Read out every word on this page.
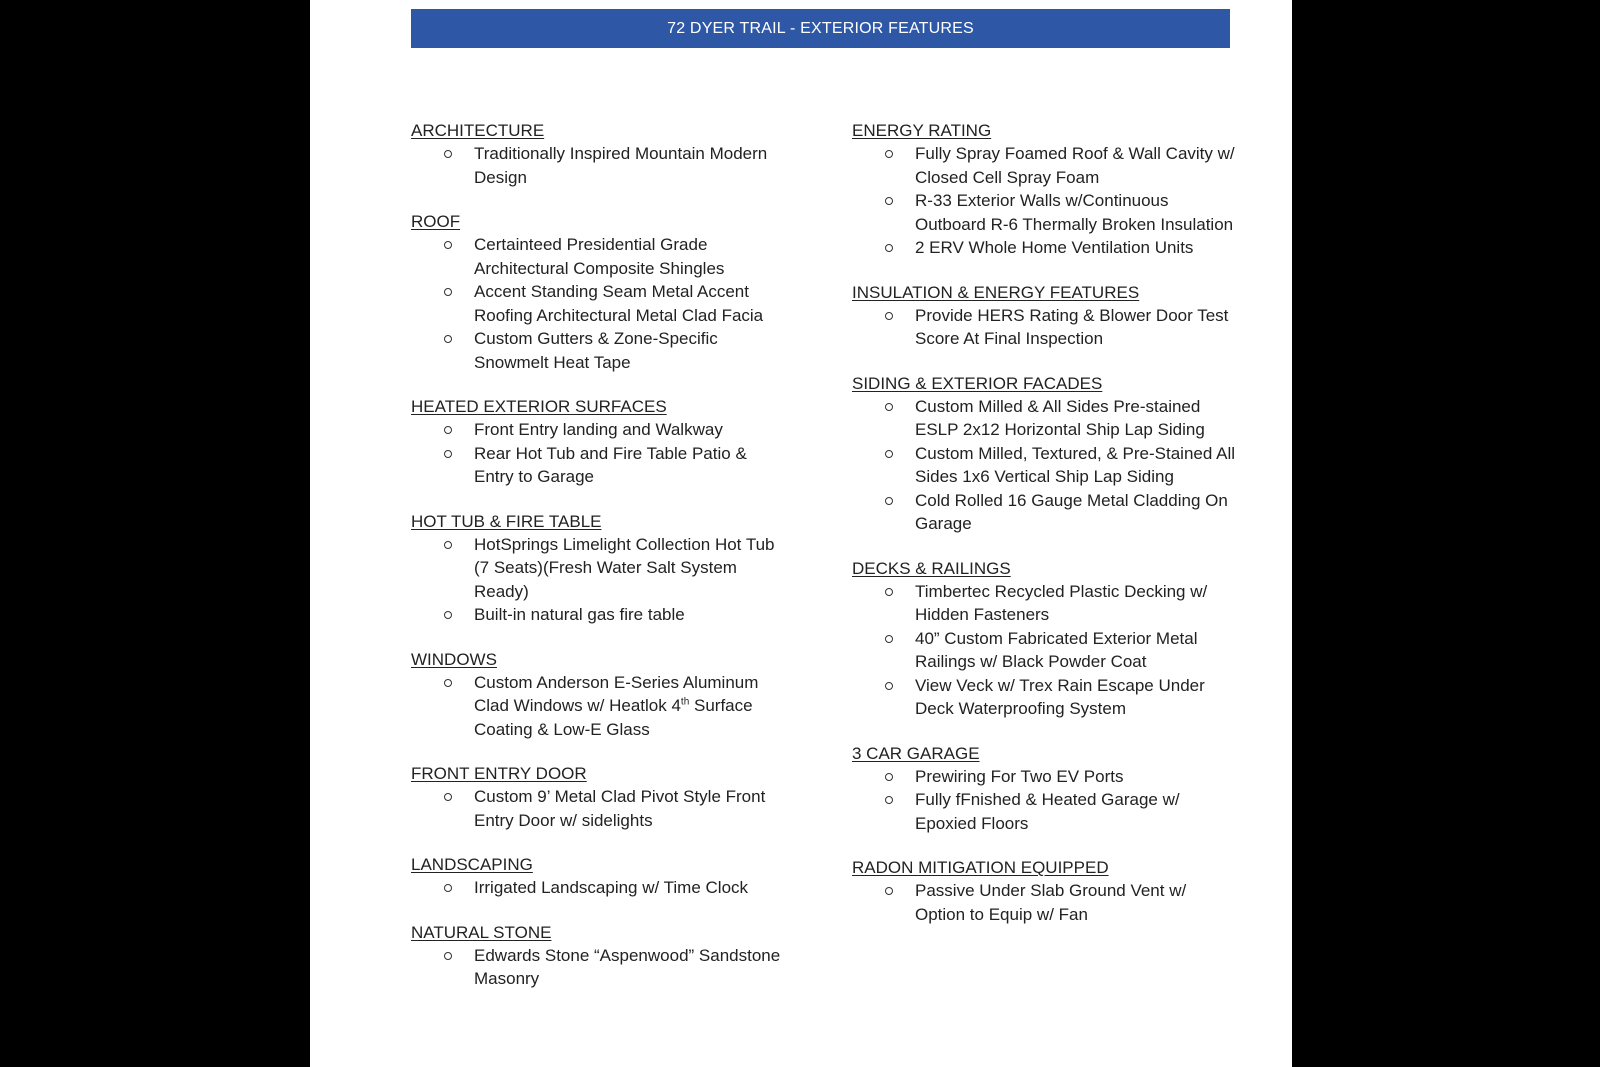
72 DYER TRAIL - EXTERIOR FEATURES
ARCHITECTURE
Traditionally Inspired Mountain Modern Design
ROOF
Certainteed Presidential Grade Architectural Composite Shingles
Accent Standing Seam Metal Accent Roofing Architectural Metal Clad Facia
Custom Gutters & Zone-Specific Snowmelt Heat Tape
HEATED EXTERIOR SURFACES
Front Entry landing and Walkway
Rear Hot Tub and Fire Table Patio & Entry to Garage
HOT TUB & FIRE TABLE
HotSprings Limelight Collection Hot Tub (7 Seats)(Fresh Water Salt System Ready)
Built-in natural gas fire table
WINDOWS
Custom Anderson E-Series Aluminum Clad Windows w/ Heatlok 4th Surface Coating & Low-E Glass
FRONT ENTRY DOOR
Custom 9’ Metal Clad Pivot Style Front Entry Door w/ sidelights
LANDSCAPING
Irrigated Landscaping w/ Time Clock
NATURAL STONE
Edwards Stone “Aspenwood” Sandstone Masonry
ENERGY RATING
Fully Spray Foamed Roof & Wall Cavity w/ Closed Cell Spray Foam
R-33 Exterior Walls w/Continuous Outboard R-6 Thermally Broken Insulation
2 ERV Whole Home Ventilation Units
INSULATION & ENERGY FEATURES
Provide HERS Rating & Blower Door Test Score At Final Inspection
SIDING & EXTERIOR FACADES
Custom Milled & All Sides Pre-stained ESLP 2x12 Horizontal Ship Lap Siding
Custom Milled, Textured, & Pre-Stained All Sides 1x6 Vertical Ship Lap Siding
Cold Rolled 16 Gauge Metal Cladding On Garage
DECKS & RAILINGS
Timbertec Recycled Plastic Decking w/ Hidden Fasteners
40” Custom Fabricated Exterior Metal Railings w/ Black Powder Coat
View Veck w/ Trex Rain Escape Under Deck Waterproofing System
3 CAR GARAGE
Prewiring For Two EV Ports
Fully fFnished & Heated Garage w/ Epoxied Floors
RADON MITIGATION EQUIPPED
Passive Under Slab Ground Vent w/ Option to Equip w/ Fan
